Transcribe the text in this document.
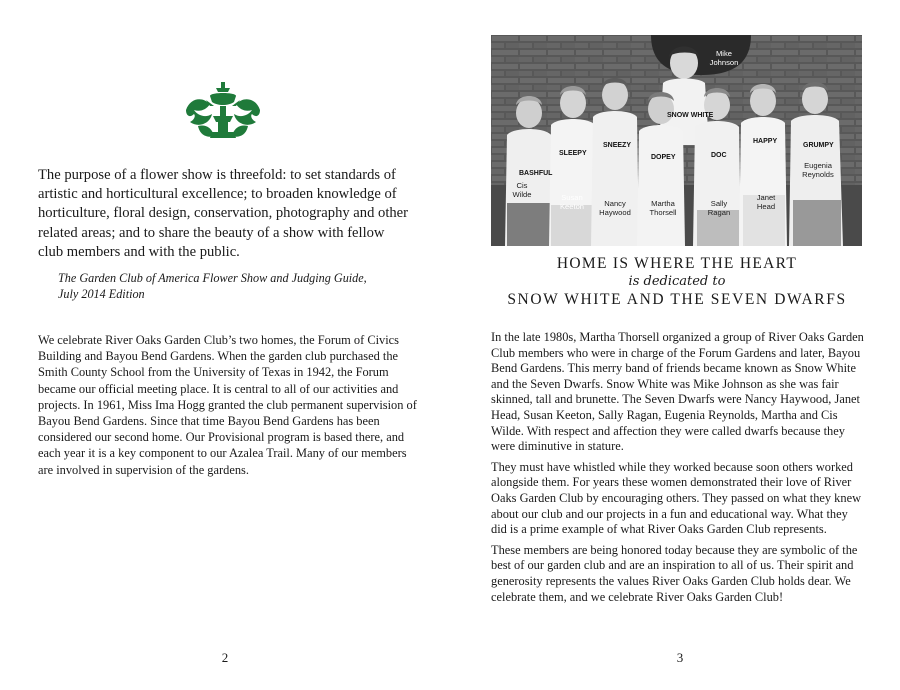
The purpose of a flower show is threefold: to set standards of artistic and horticultural excellence; to broaden knowledge of horticulture, floral design, conservation, photography and other related areas; and to share the beauty of a show with fellow club members and with the public.

The Garden Club of America Flower Show and Judging Guide,
July 2014 Edition

We celebrate River Oaks Garden Club’s two homes, the Forum of Civics Building and Bayou Bend Gardens. When the garden club purchased the Smith County School from the University of Texas in 1942, the Forum became our official meeting place. It is central to all of our activities and projects. In 1961, Miss Ima Hogg granted the club permanent supervision of Bayou Bend Gardens. Since that time Bayou Bend Gardens has been considered our second home. Our Provisional program is based there, and each year it is a key component to our Azalea Trail. Many of our members are involved in supervision of the gardens.

2
BASHFUL
SLEEPY
SNEEZY
SNOW WHITE
DOPEY	DOC
HAPPY
GRUMPY
Mike
Johnson
Cis
Wilde	Susan
Keeton	Nancy
Haywood
Martha
Thorsell
Sally
Ragan
Janet
Head
Eugenia
Reynolds

HOME IS WHERE THE HEART

is dedicated to

SNOW WHITE AND THE SEVEN DWARFS

In the late 1980s, Martha Thorsell organized a group of River Oaks Garden Club members who were in charge of the Forum Gardens and later, Bayou Bend Gardens. This merry band of friends became known as Snow White and the Seven Dwarfs. Snow White was Mike Johnson as she was fair skinned, tall and brunette. The Seven Dwarfs were Nancy Haywood, Janet Head, Susan Keeton, Sally Ragan, Eugenia Reynolds, Martha and Cis Wilde. With respect and affection they were called dwarfs because they were diminutive in stature.

They must have whistled while they worked because soon others worked alongside them. For years these women demonstrated their love of River Oaks Garden Club by encouraging others. They passed on what they knew about our club and our projects in a fun and educational way. What they did is a prime example of what River Oaks Garden Club represents.

These members are being honored today because they are symbolic of the best of our garden club and are an inspiration to all of us. Their spirit and generosity represents the values River Oaks Garden Club holds dear. We celebrate them, and we celebrate River Oaks Garden Club!

3
